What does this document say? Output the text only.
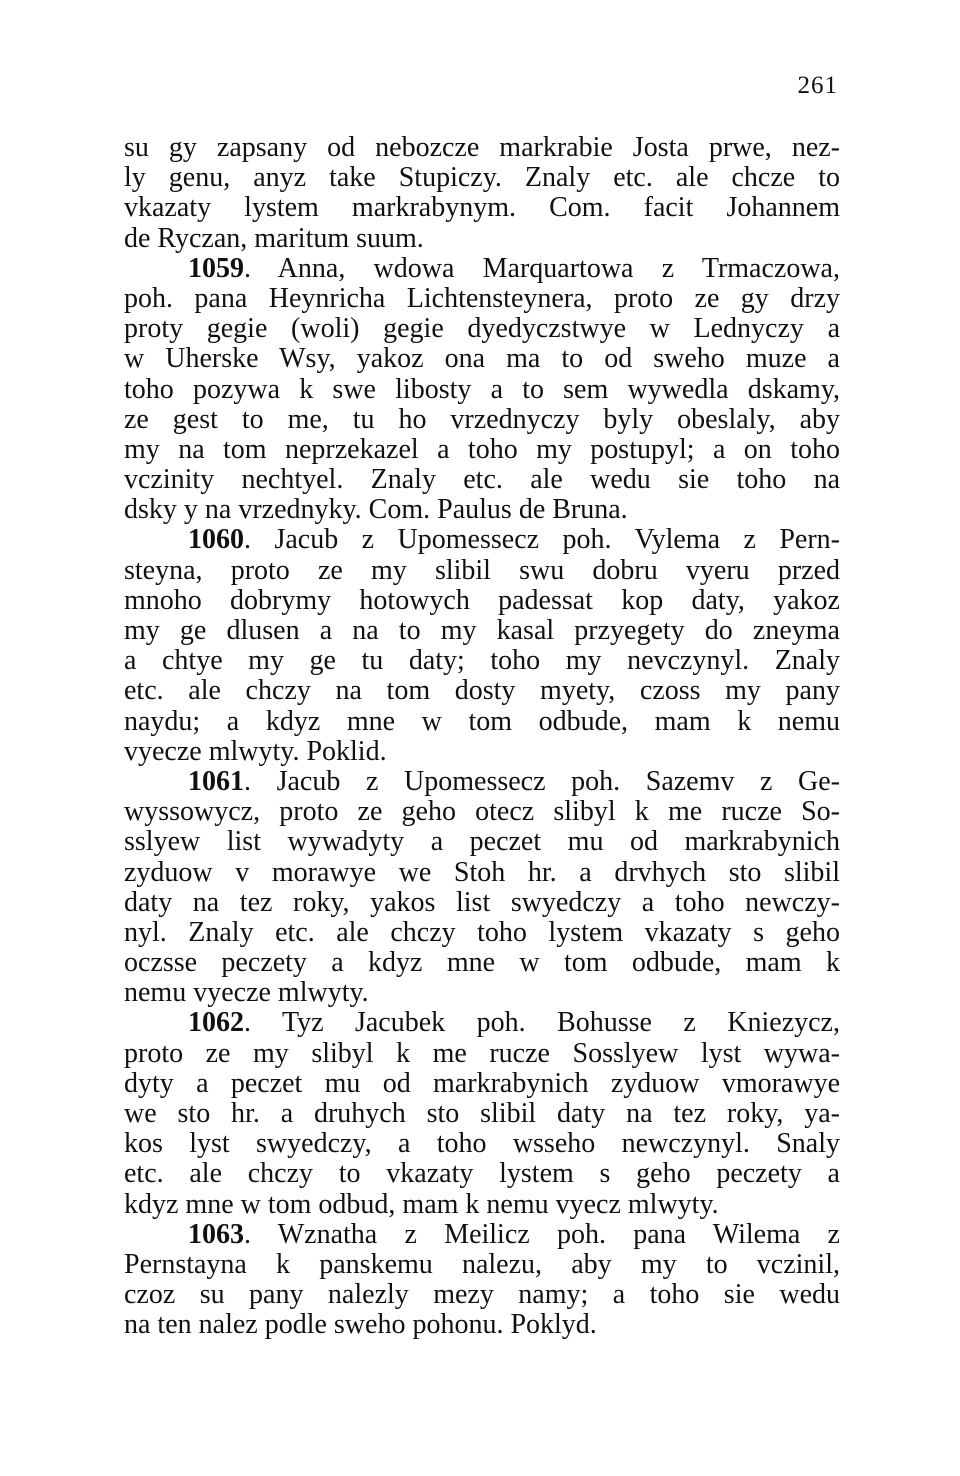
261
su gy zapsany od nebozcze markrabie Josta prwe, nez-
ly genu, anyz take Stupiczy. Znaly etc. ale chcze to
vkazaty lystem markrabynym. Com. facit Johannem
de Ryczan, maritum suum.
1059. Anna, wdowa Marquartowa z Trmaczowa,
poh. pana Heynricha Lichtensteynera, proto ze gy drzy
proty gegie (woli) gegie dyedyczstwye w Lednyczy a
w Uherske Wsy, yakoz ona ma to od sweho muze a
toho pozywa k swe libosty a to sem wywedla dskamy,
ze gest to me, tu ho vrzednyczy byly obeslaly, aby
my na tom neprzekazel a toho my postupyl; a on toho
vczinity nechtyel. Znaly etc. ale wedu sie toho na
dsky y na vrzednyky. Com. Paulus de Bruna.
1060. Jacub z Upomessecz poh. Vylema z Pern-
steyna, proto ze my slibil swu dobru vyeru przed
mnoho dobrymy hotowych padessat kop daty, yakoz
my ge dlusen a na to my kasal przyegety do zneyma
a chtye my ge tu daty; toho my nevczynyl. Znaly
etc. ale chczy na tom dosty myety, czoss my pany
naydu; a kdyz mne w tom odbude, mam k nemu
vyecze mlwyty. Poklid.
1061. Jacub z Upomessecz poh. Sazemv z Ge-
wyssowycz, proto ze geho otecz slibyl k me rucze So-
sslyew list wywadyty a peczet mu od markrabynich
zyduow v morawye we Stoh hr. a drvhych sto slibil
daty na tez roky, yakos list swyedczy a toho newczy-
nyl. Znaly etc. ale chczy toho lystem vkazaty s geho
oczsse peczety a kdyz mne w tom odbude, mam k
nemu vyecze mlwyty.
1062. Tyz Jacubek poh. Bohusse z Kniezycz,
proto ze my slibyl k me rucze Sosslyew lyst wywa-
dyty a peczet mu od markrabynich zyduow vmorawye
we sto hr. a druhych sto slibil daty na tez roky, ya-
kos lyst swyedczy, a toho wsseho newczynyl. Snaly
etc. ale chczy to vkazaty lystem s geho peczety a
kdyz mne w tom odbud, mam k nemu vyecz mlwyty.
1063. Wznatha z Meilicz poh. pana Wilema z
Pernstayna k panskemu nalezu, aby my to vczinil,
czoz su pany nalezly mezy namy; a toho sie wedu
na ten nalez podle sweho pohonu. Poklyd.
